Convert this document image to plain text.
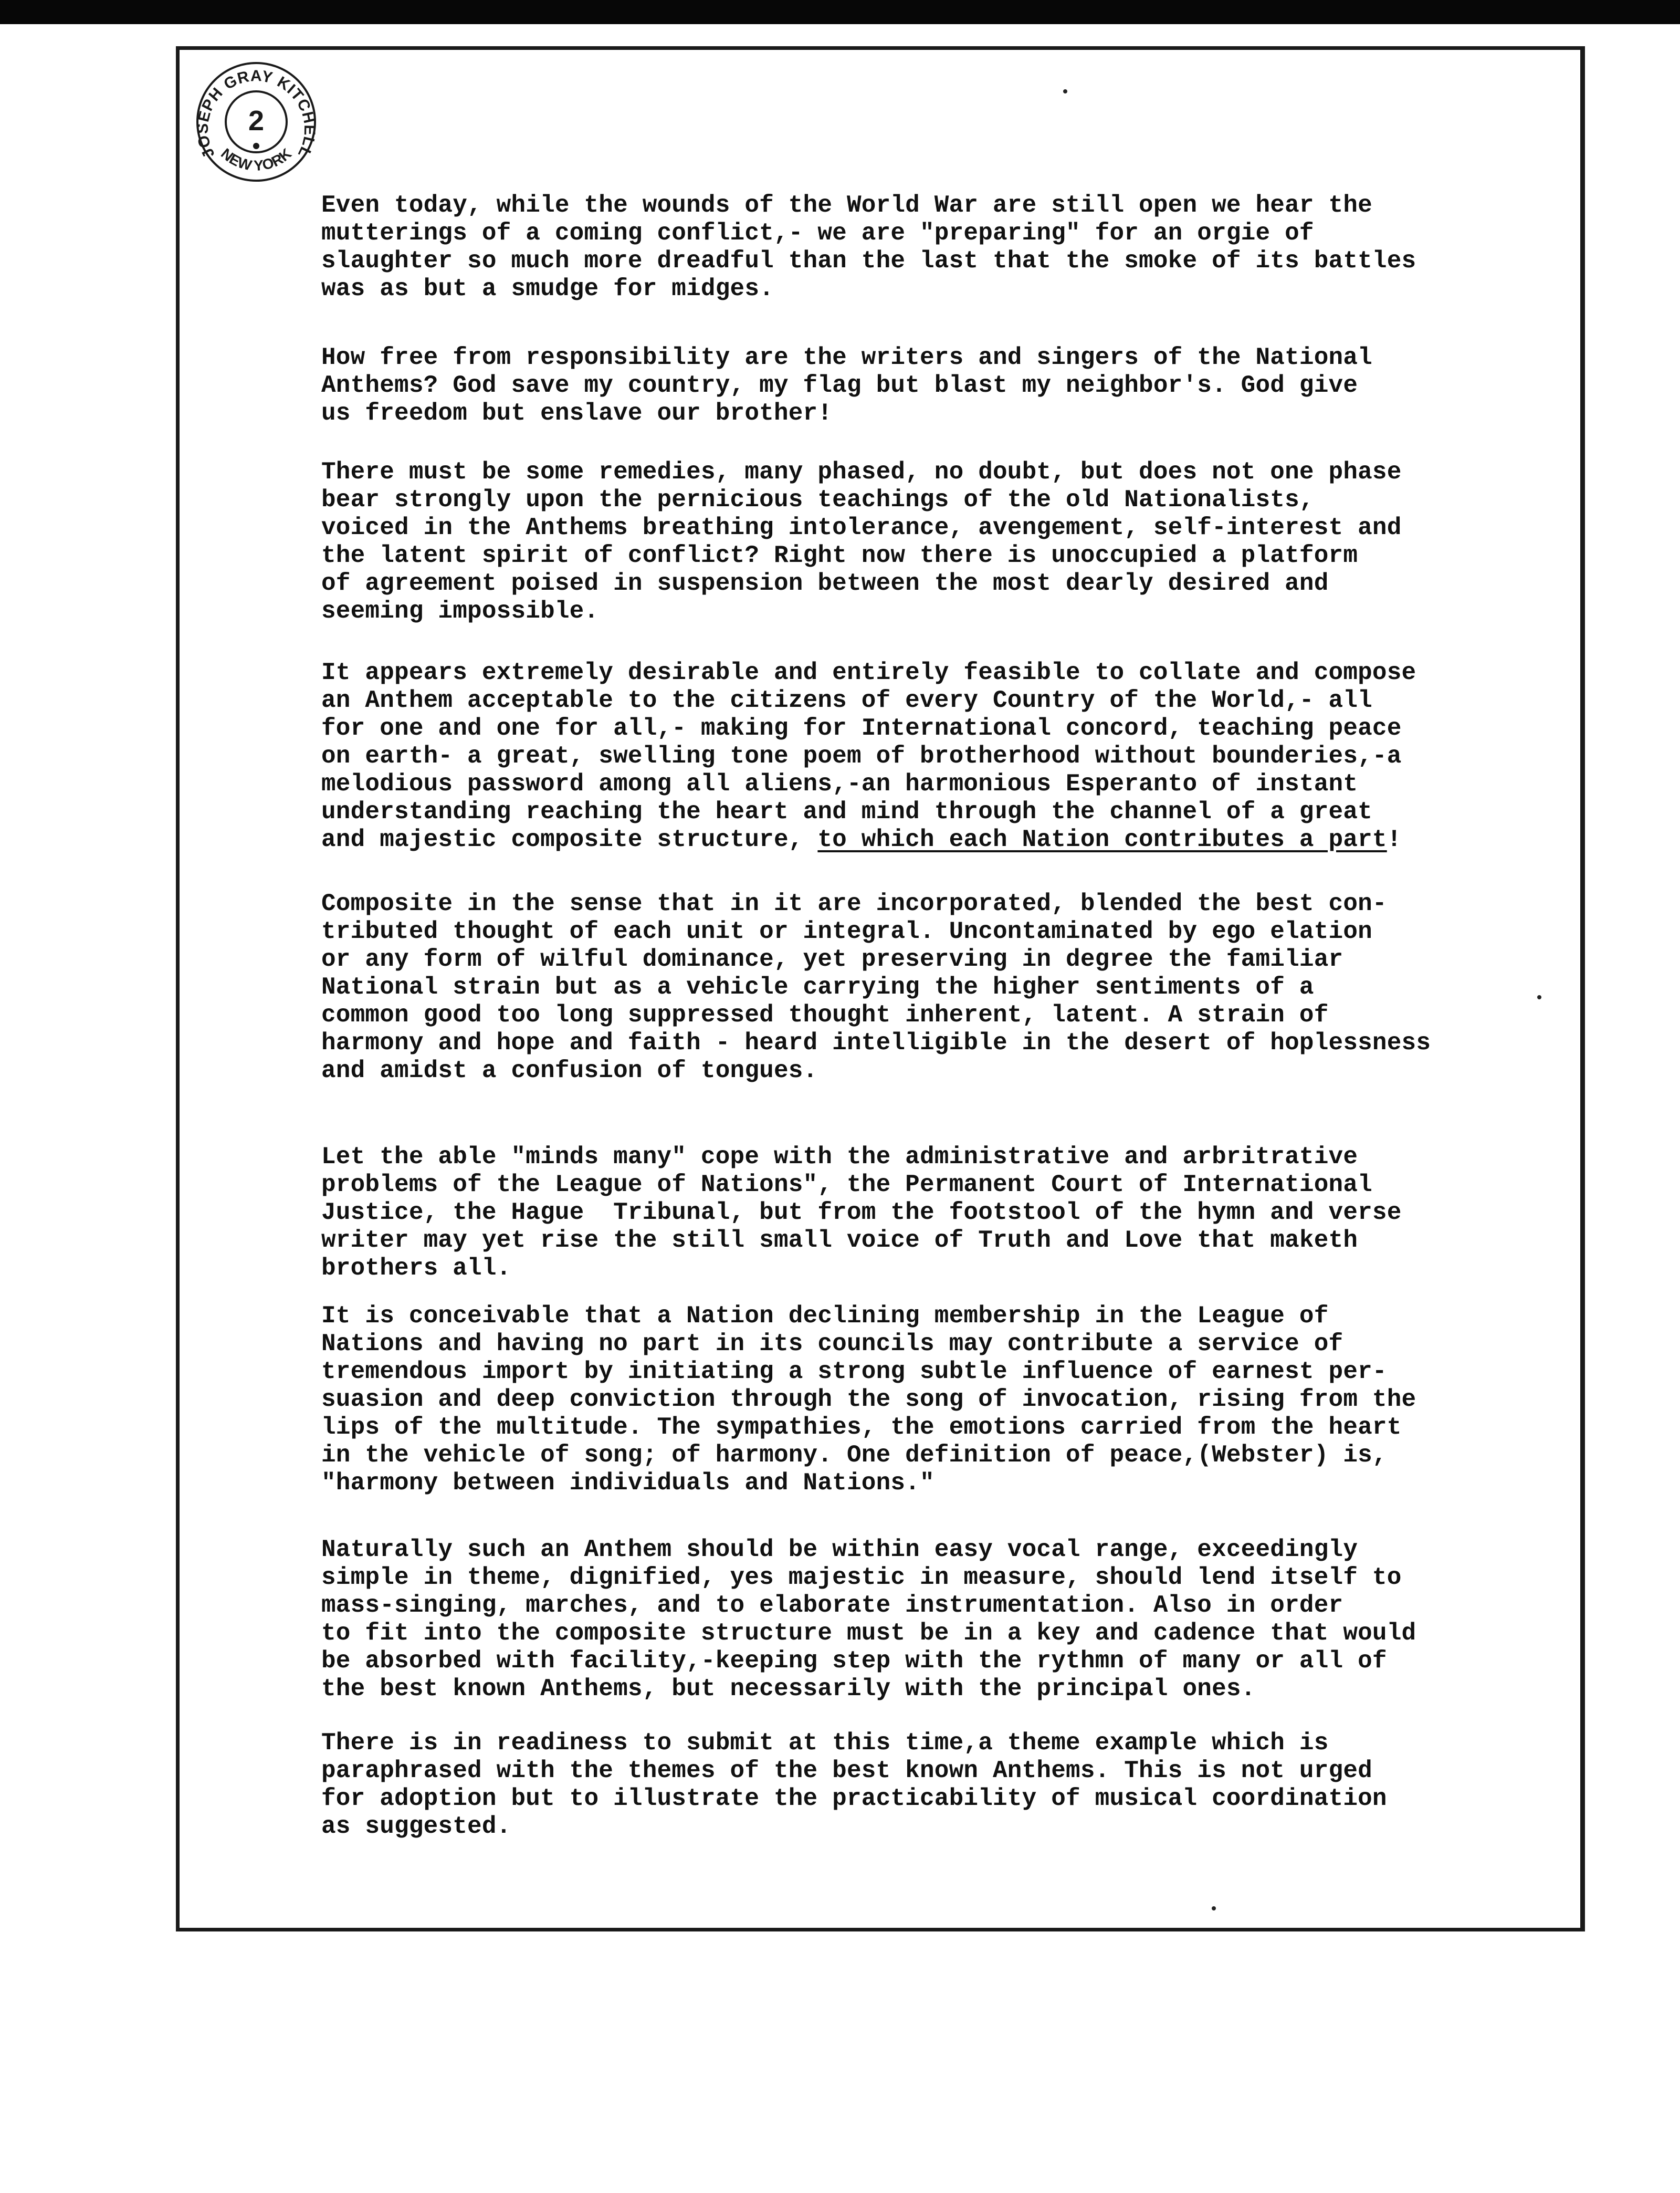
JOSEPH GRAY KITCHELL
NEW YORK
2

Even today, while the wounds of the World War are still open we hear the
mutterings of a coming conflict,- we are "preparing" for an orgie of
slaughter so much more dreadful than the last that the smoke of its battles
was as but a smudge for midges.

How free from responsibility are the writers and singers of the National
Anthems? God save my country, my flag but blast my neighbor's. God give
us freedom but enslave our brother!

There must be some remedies, many phased, no doubt, but does not one phase
bear strongly upon the pernicious teachings of the old Nationalists,
voiced in the Anthems breathing intolerance, avengement, self-interest and
the latent spirit of conflict? Right now there is unoccupied a platform
of agreement poised in suspension between the most dearly desired and
seeming impossible.

It appears extremely desirable and entirely feasible to collate and compose
an Anthem acceptable to the citizens of every Country of the World,- all
for one and one for all,- making for International concord, teaching peace
on earth- a great, swelling tone poem of brotherhood without bounderies,-a
melodious password among all aliens,-an harmonious Esperanto of instant
understanding reaching the heart and mind through the channel of a great
and majestic composite structure, to which each Nation contributes a part!

Composite in the sense that in it are incorporated, blended the best con-
tributed thought of each unit or integral. Uncontaminated by ego elation
or any form of wilful dominance, yet preserving in degree the familiar
National strain but as a vehicle carrying the higher sentiments of a
common good too long suppressed thought inherent, latent. A strain of
harmony and hope and faith - heard intelligible in the desert of hoplessness
and amidst a confusion of tongues.

Let the able "minds many" cope with the administrative and arbritrative
problems of the League of Nations", the Permanent Court of International
Justice, the Hague  Tribunal, but from the footstool of the hymn and verse
writer may yet rise the still small voice of Truth and Love that maketh
brothers all.

It is conceivable that a Nation declining membership in the League of
Nations and having no part in its councils may contribute a service of
tremendous import by initiating a strong subtle influence of earnest per-
suasion and deep conviction through the song of invocation, rising from the
lips of the multitude. The sympathies, the emotions carried from the heart
in the vehicle of song; of harmony. One definition of peace,(Webster) is,
"harmony between individuals and Nations."

Naturally such an Anthem should be within easy vocal range, exceedingly
simple in theme, dignified, yes majestic in measure, should lend itself to
mass-singing, marches, and to elaborate instrumentation. Also in order
to fit into the composite structure must be in a key and cadence that would
be absorbed with facility,-keeping step with the rythmn of many or all of
the best known Anthems, but necessarily with the principal ones.

There is in readiness to submit at this time,a theme example which is
paraphrased with the themes of the best known Anthems. This is not urged
for adoption but to illustrate the practicability of musical coordination
as suggested.
